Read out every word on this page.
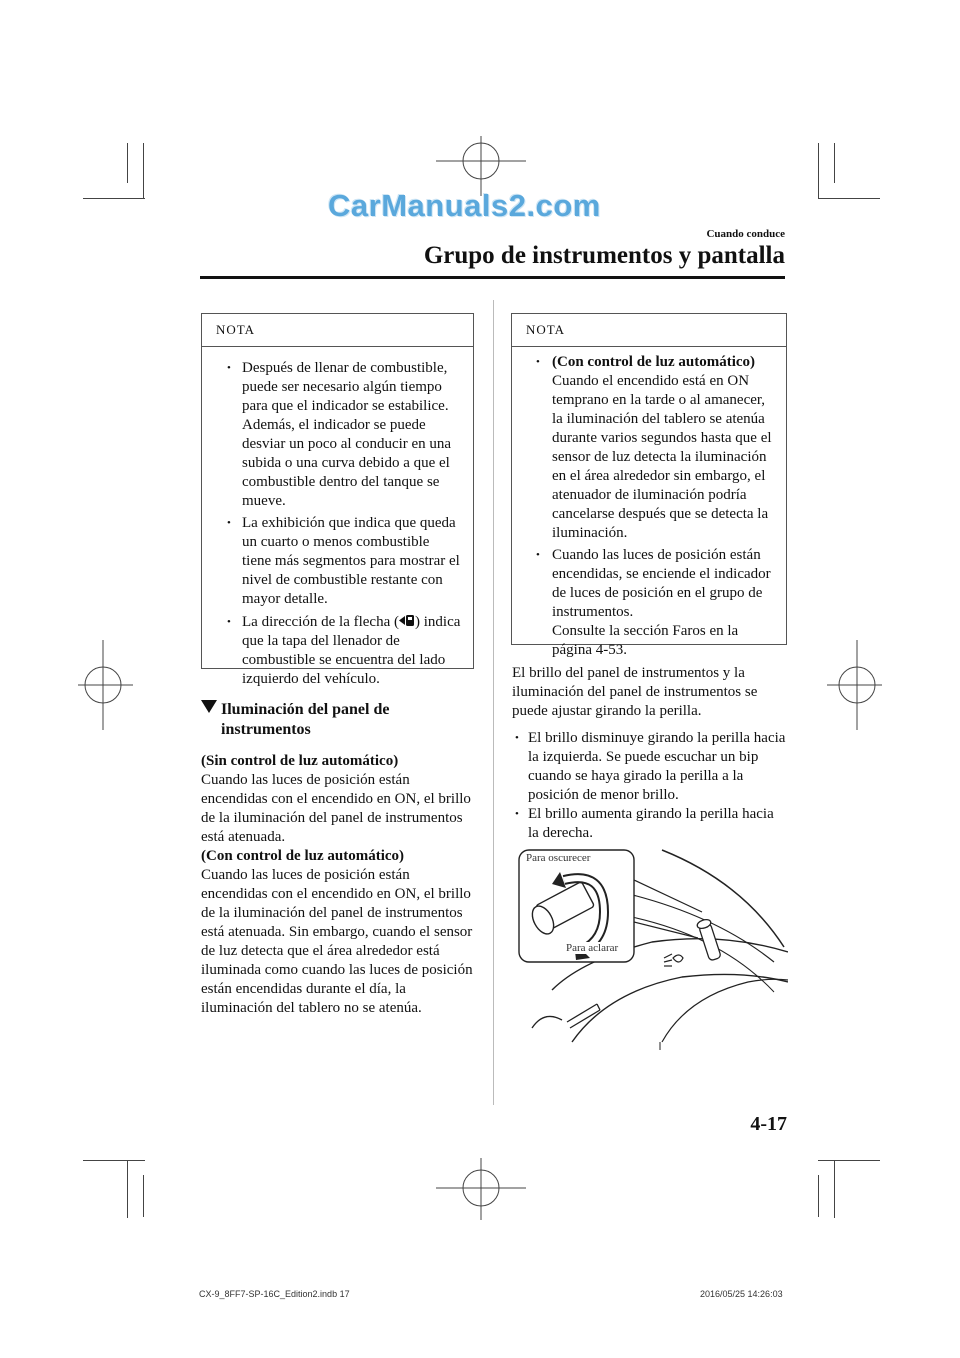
CarManuals2.com
Cuando conduce
Grupo de instrumentos y pantalla
NOTA
• Después de llenar de combustible, puede ser necesario algún tiempo para que el indicador se estabilice. Además, el indicador se puede desviar un poco al conducir en una subida o una curva debido a que el combustible dentro del tanque se mueve.
• La exhibición que indica que queda un cuarto o menos combustible tiene más segmentos para mostrar el nivel de combustible restante con mayor detalle.
• La dirección de la flecha ( ) indica que la tapa del llenador de combustible se encuentra del lado izquierdo del vehículo.
Iluminación del panel de
instrumentos
(Sin control de luz automático)
Cuando las luces de posición están encendidas con el encendido en ON, el brillo de la iluminación del panel de instrumentos está atenuada.
(Con control de luz automático)
Cuando las luces de posición están encendidas con el encendido en ON, el brillo de la iluminación del panel de instrumentos está atenuada. Sin embargo, cuando el sensor de luz detecta que el área alrededor está iluminada como cuando las luces de posición están encendidas durante el día, la iluminación del tablero no se atenúa.
NOTA
• (Con control de luz automático)
Cuando el encendido está en ON temprano en la tarde o al amanecer, la iluminación del tablero se atenúa durante varios segundos hasta que el sensor de luz detecta la iluminación en el área alrededor sin embargo, el atenuador de iluminación podría cancelarse después que se detecta la iluminación.
• Cuando las luces de posición están encendidas, se enciende el indicador de luces de posición en el grupo de instrumentos.
Consulte la sección Faros en la página 4-53.
El brillo del panel de instrumentos y la iluminación del panel de instrumentos se puede ajustar girando la perilla.
• El brillo disminuye girando la perilla hacia la izquierda. Se puede escuchar un bip cuando se haya girado la perilla a la posición de menor brillo.
• El brillo aumenta girando la perilla hacia la derecha.
Para oscurecer
Para aclarar
4-17
CX-9_8FF7-SP-16C_Edition2.indb 17	2016/05/25 14:26:03
